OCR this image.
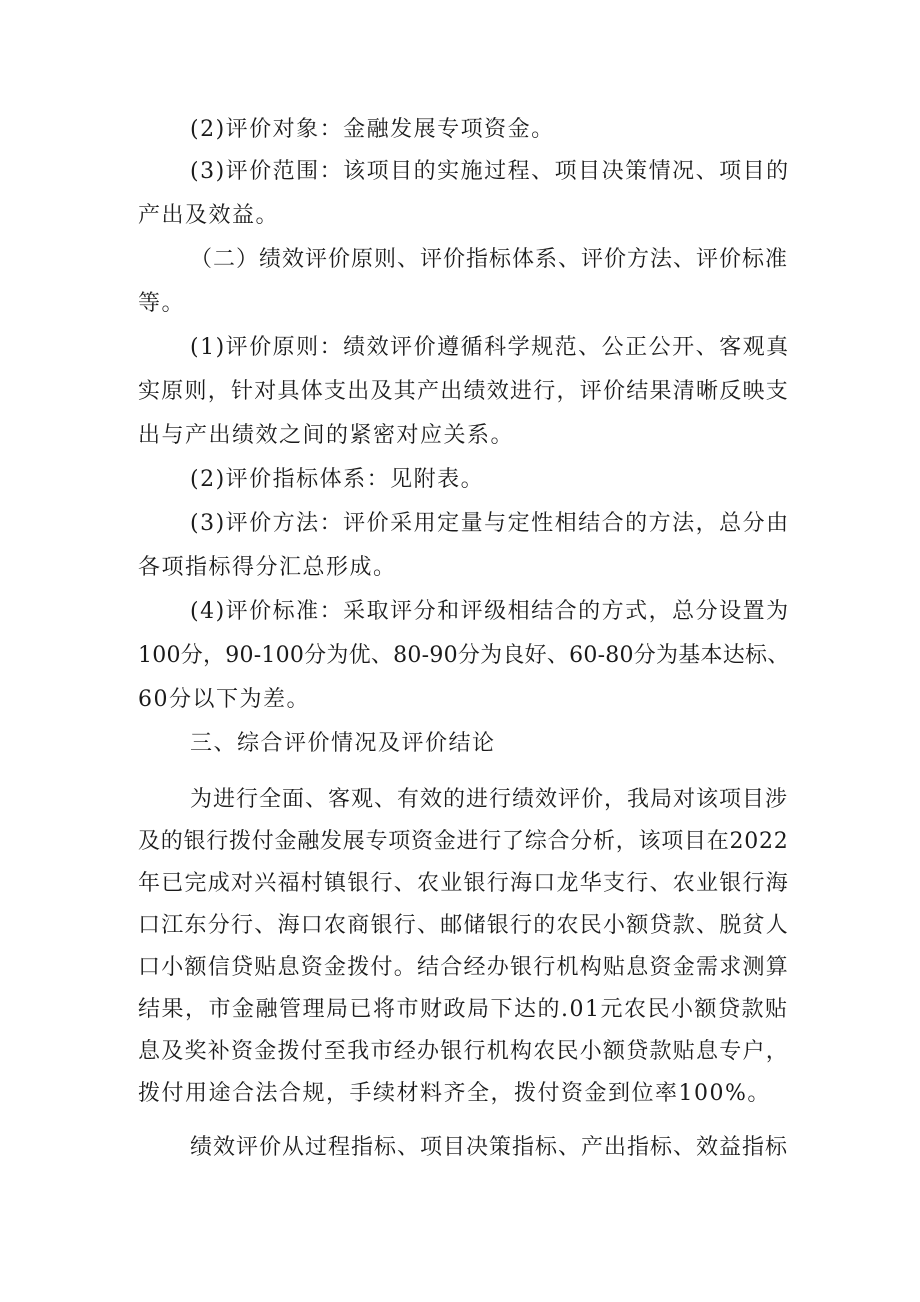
(2)评价对象：金融发展专项资金。
(3)评价范围：该项目的实施过程、项目决策情况、项目的
产出及效益。
（二）绩效评价原则、评价指标体系、评价方法、评价标准
等。
(1)评价原则：绩效评价遵循科学规范、公正公开、客观真
实原则，针对具体支出及其产出绩效进行，评价结果清晰反映支
出与产出绩效之间的紧密对应关系。
(2)评价指标体系：见附表。
(3)评价方法：评价采用定量与定性相结合的方法，总分由
各项指标得分汇总形成。
(4)评价标准：采取评分和评级相结合的方式，总分设置为
100分，90-100分为优、80-90分为良好、60-80分为基本达标、
60分以下为差。
三、综合评价情况及评价结论
为进行全面、客观、有效的进行绩效评价，我局对该项目涉
及的银行拨付金融发展专项资金进行了综合分析，该项目在2022
年已完成对兴福村镇银行、农业银行海口龙华支行、农业银行海
口江东分行、海口农商银行、邮储银行的农民小额贷款、脱贫人
口小额信贷贴息资金拨付。结合经办银行机构贴息资金需求测算
结果，市金融管理局已将市财政局下达的.01元农民小额贷款贴
息及奖补资金拨付至我市经办银行机构农民小额贷款贴息专户，
拨付用途合法合规，手续材料齐全，拨付资金到位率100%。
绩效评价从过程指标、项目决策指标、产出指标、效益指标
